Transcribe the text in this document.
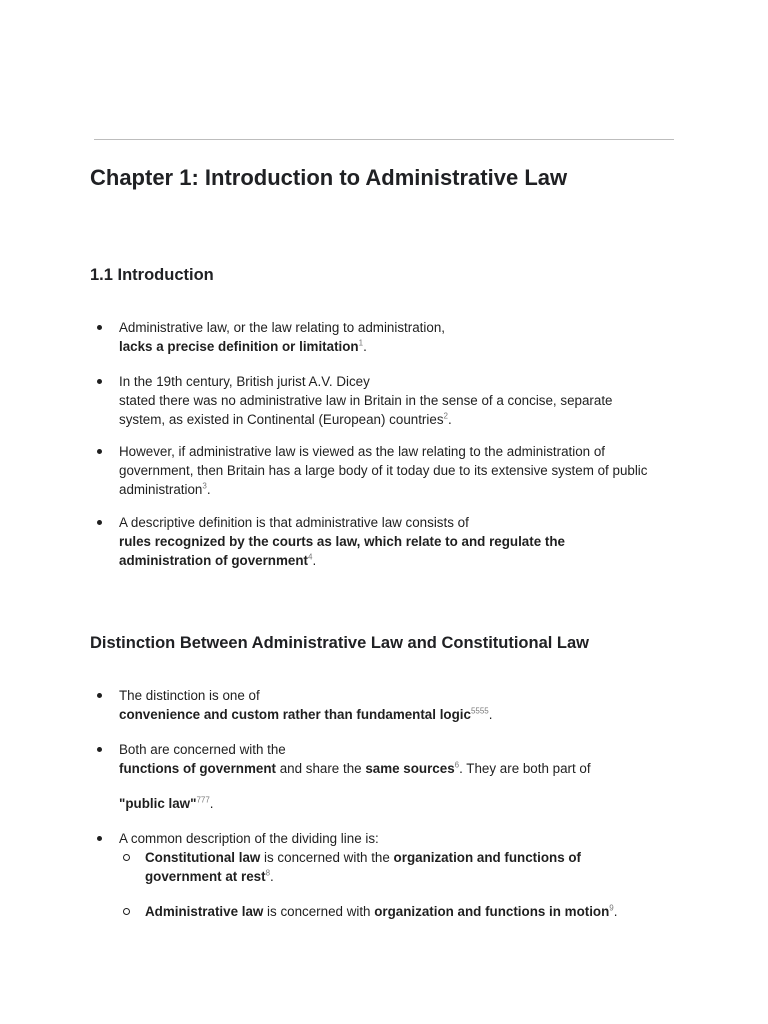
Chapter 1: Introduction to Administrative Law
1.1 Introduction
Administrative law, or the law relating to administration,
lacks a precise definition or limitation$^1$.
In the 19th century, British jurist A.V. Dicey
stated there was no administrative law in Britain in the sense of a concise, separate
system, as existed in Continental (European) countries$^2$.
However, if administrative law is viewed as the law relating to the administration of
government, then Britain has a large body of it today due to its extensive system of public
administration$^3$.
A descriptive definition is that administrative law consists of
rules recognized by the courts as law, which relate to and regulate the
administration of government$^4$.
Distinction Between Administrative Law and Constitutional Law
The distinction is one of
convenience and custom rather than fundamental logic$^{5555}$.
Both are concerned with the
functions of government and share the same sources$^6$. They are both part of
"public law"$^{777}$.
A common description of the dividing line is:
Constitutional law is concerned with the organization and functions of
government at rest$^8$.
Administrative law is concerned with organization and functions in motion$^9$.
